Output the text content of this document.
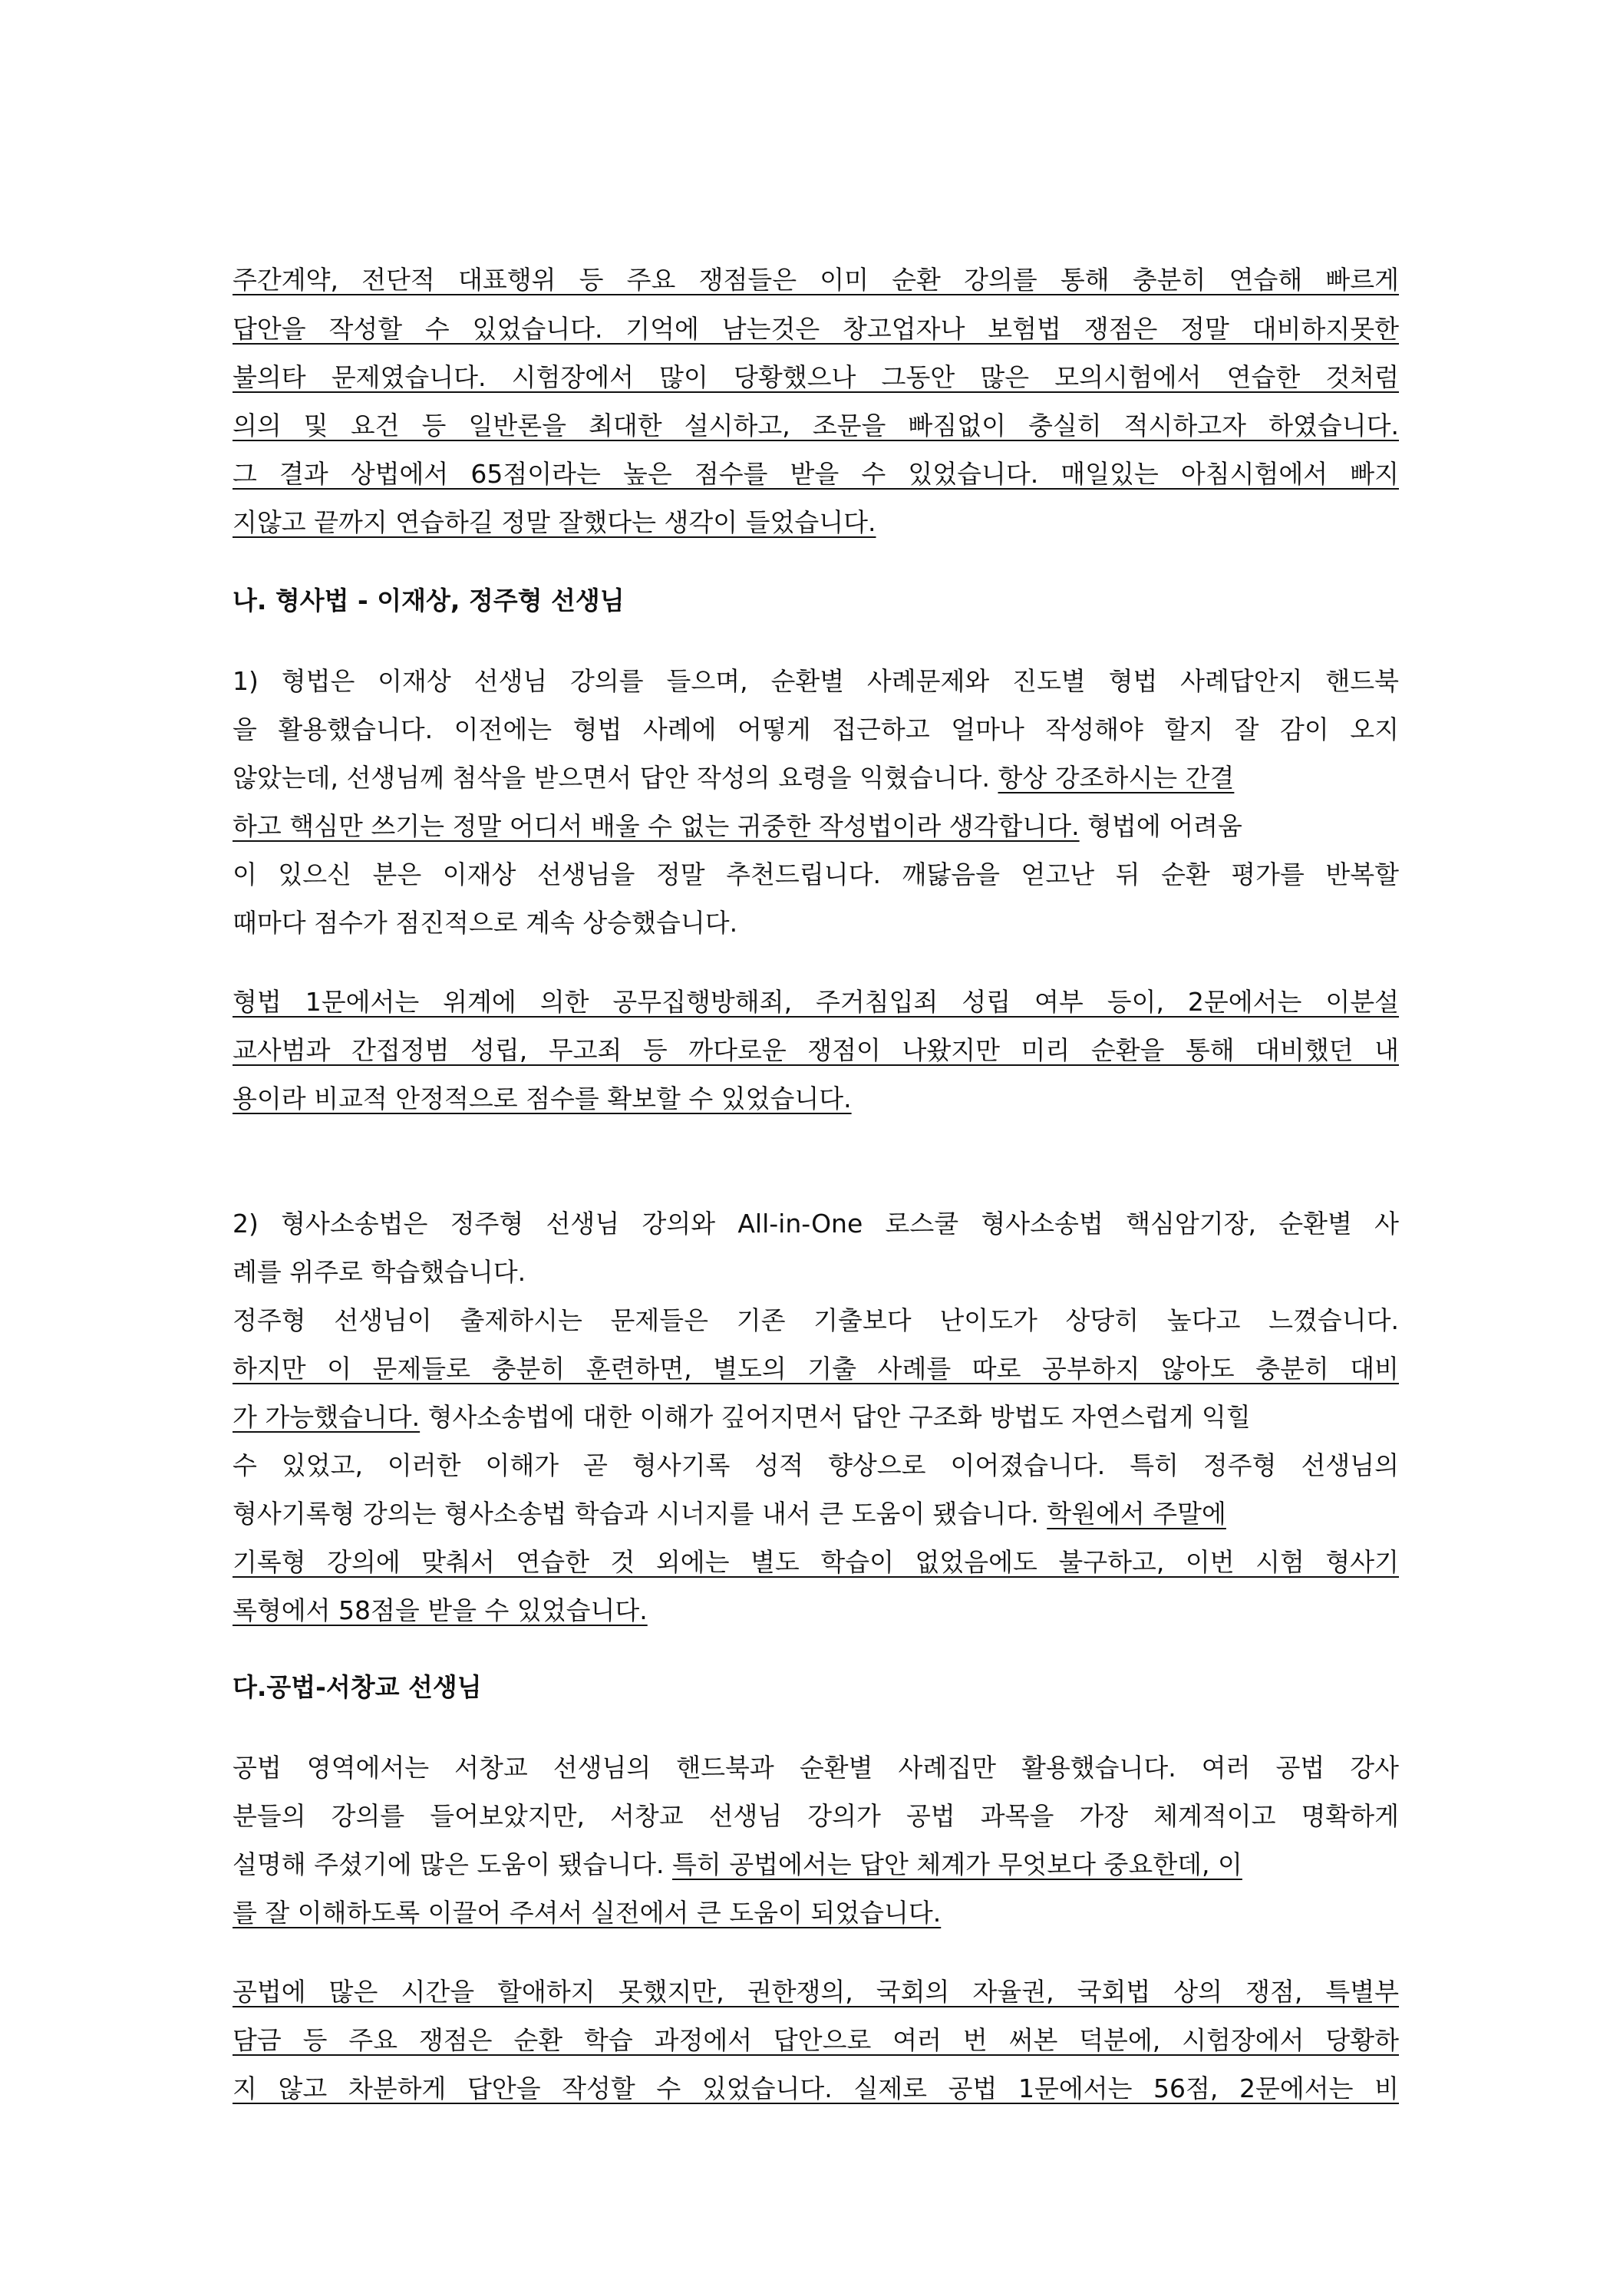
주간계약, 전단적 대표행위 등 주요 쟁점들은 이미 순환 강의를 통해 충분히 연습해 빠르게
답안을 작성할 수 있었습니다. 기억에 남는것은 창고업자나 보험법 쟁점은 정말 대비하지못한
불의타 문제였습니다. 시험장에서 많이 당황했으나 그동안 많은 모의시험에서 연습한 것처럼
의의 및 요건 등 일반론을 최대한 설시하고, 조문을 빠짐없이 충실히 적시하고자 하였습니다.
그 결과 상법에서 65점이라는 높은 점수를 받을 수 있었습니다. 매일있는 아침시험에서 빠지
지않고 끝까지 연습하길 정말 잘했다는 생각이 들었습니다.
나. 형사법 - 이재상, 정주형 선생님
1) 형법은 이재상 선생님 강의를 들으며, 순환별 사례문제와 진도별 형법 사례답안지 핸드북
을 활용했습니다. 이전에는 형법 사례에 어떻게 접근하고 얼마나 작성해야 할지 잘 감이 오지
않았는데, 선생님께 첨삭을 받으면서 답안 작성의 요령을 익혔습니다. 항상 강조하시는 간결
하고 핵심만 쓰기는 정말 어디서 배울 수 없는 귀중한 작성법이라 생각합니다. 형법에 어려움
이 있으신 분은 이재상 선생님을 정말 추천드립니다. 깨닳음을 얻고난 뒤 순환 평가를 반복할
때마다 점수가 점진적으로 계속 상승했습니다.
형법 1문에서는 위계에 의한 공무집행방해죄, 주거침입죄 성립 여부 등이, 2문에서는 이분설
교사범과 간접정범 성립, 무고죄 등 까다로운 쟁점이 나왔지만 미리 순환을 통해 대비했던 내
용이라 비교적 안정적으로 점수를 확보할 수 있었습니다.
2) 형사소송법은 정주형 선생님 강의와 All-in-One 로스쿨 형사소송법 핵심암기장, 순환별 사
례를 위주로 학습했습니다.
정주형 선생님이 출제하시는 문제들은 기존 기출보다 난이도가 상당히 높다고 느꼈습니다.
하지만 이 문제들로 충분히 훈련하면, 별도의 기출 사례를 따로 공부하지 않아도 충분히 대비
가 가능했습니다. 형사소송법에 대한 이해가 깊어지면서 답안 구조화 방법도 자연스럽게 익힐
수 있었고, 이러한 이해가 곧 형사기록 성적 향상으로 이어졌습니다. 특히 정주형 선생님의
형사기록형 강의는 형사소송법 학습과 시너지를 내서 큰 도움이 됐습니다. 학원에서 주말에
기록형 강의에 맞춰서 연습한 것 외에는 별도 학습이 없었음에도 불구하고, 이번 시험 형사기
록형에서 58점을 받을 수 있었습니다.
다.공법-서창교 선생님
공법 영역에서는 서창교 선생님의 핸드북과 순환별 사례집만 활용했습니다. 여러 공법 강사
분들의 강의를 들어보았지만, 서창교 선생님 강의가 공법 과목을 가장 체계적이고 명확하게
설명해 주셨기에 많은 도움이 됐습니다. 특히 공법에서는 답안 체계가 무엇보다 중요한데, 이
를 잘 이해하도록 이끌어 주셔서 실전에서 큰 도움이 되었습니다.
공법에 많은 시간을 할애하지 못했지만, 권한쟁의, 국회의 자율권, 국회법 상의 쟁점, 특별부
담금 등 주요 쟁점은 순환 학습 과정에서 답안으로 여러 번 써본 덕분에, 시험장에서 당황하
지 않고 차분하게 답안을 작성할 수 있었습니다. 실제로 공법 1문에서는 56점, 2문에서는 비
